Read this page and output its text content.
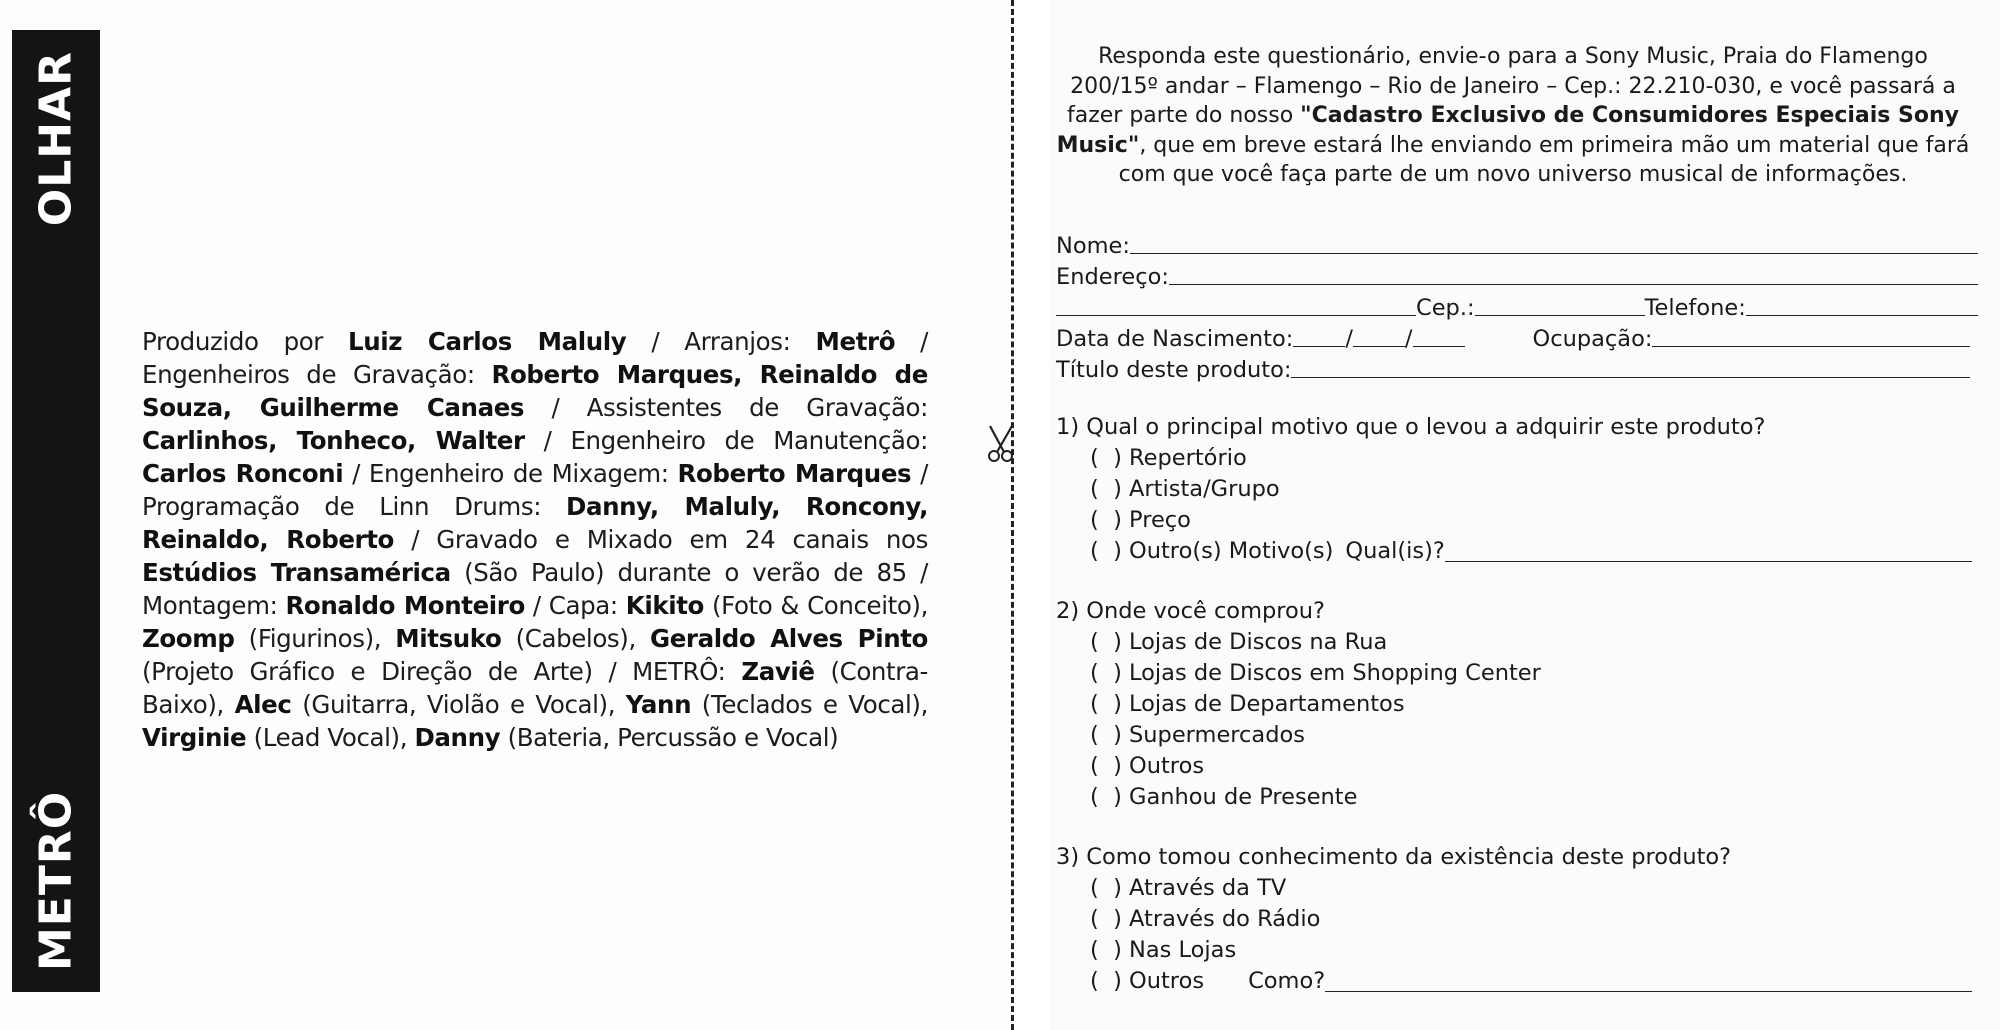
METRÔ
OLHAR

Produzido por Luiz Carlos Maluly / Arranjos: Metrô / Engenheiros de Gravação: Roberto Marques, Reinaldo de Souza, Guilherme Canaes / Assistentes de Gravação: Carlinhos, Tonheco, Walter / Engenheiro de Manutenção: Carlos Ronconi / Engenheiro de Mixagem: Roberto Marques / Programação de Linn Drums: Danny, Maluly, Roncony, Reinaldo, Roberto / Gravado e Mixado em 24 canais nos Estúdios Transamérica (São Paulo) durante o verão de 85 / Montagem: Ronaldo Monteiro / Capa: Kikito (Foto & Conceito), Zoomp (Figurinos), Mitsuko (Cabelos), Geraldo Alves Pinto (Projeto Gráfico e Direção de Arte) / METRÔ: Zaviê (Contra-Baixo), Alec (Guitarra, Violão e Vocal), Yann (Teclados e Vocal), Virginie (Lead Vocal), Danny (Bateria, Percussão e Vocal)

Responda este questionário, envie-o para a Sony Music, Praia do Flamengo 200/15º andar – Flamengo – Rio de Janeiro – Cep.: 22.210-030, e você passará a fazer parte do nosso "Cadastro Exclusivo de Consumidores Especiais Sony Music", que em breve estará lhe enviando em primeira mão um material que fará com que você faça parte de um novo universo musical de informações.

Nome:
Endereço:
Cep.:	Telefone:
Data de Nascimento: / /	Ocupação:
Título deste produto:
1) Qual o principal motivo que o levou a adquirir este produto?
(  ) Repertório
(  ) Artista/Grupo
(  ) Preço
(  ) Outro(s) Motivo(s) Qual(is)?
2) Onde você comprou?
(  ) Lojas de Discos na Rua
(  ) Lojas de Discos em Shopping Center
(  ) Lojas de Departamentos
(  ) Supermercados
(  ) Outros
(  ) Ganhou de Presente
3) Como tomou conhecimento da existência deste produto?
(  ) Através da TV
(  ) Através do Rádio
(  ) Nas Lojas
(  ) Outros Como?
